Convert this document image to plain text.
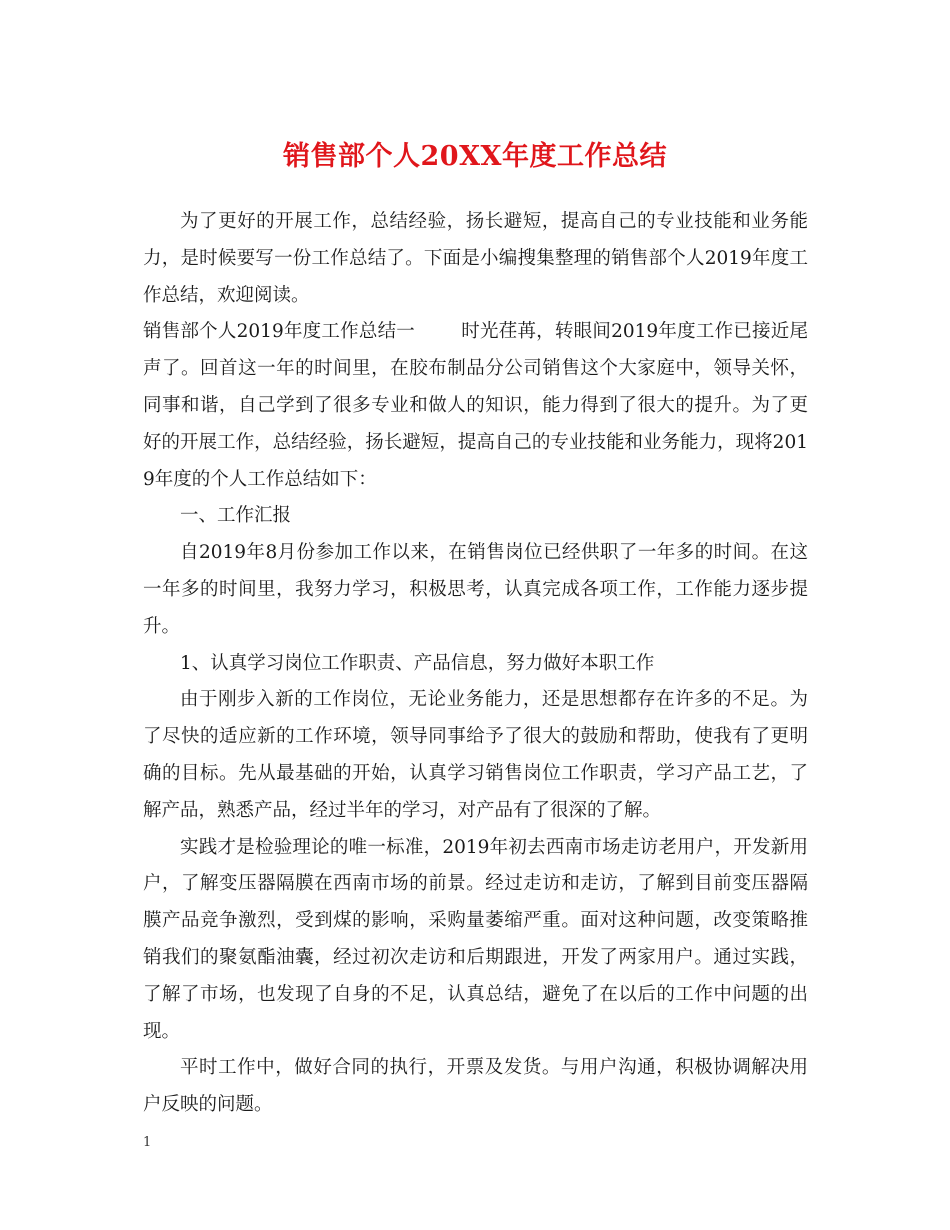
销售部个人20XX年度工作总结

为了更好的开展工作，总结经验，扬长避短，提高自己的专业技能和业务能力，是时候要写一份工作总结了。下面是小编搜集整理的销售部个人2019年度工作总结，欢迎阅读。

销售部个人2019年度工作总结一 时光荏苒，转眼间2019年度工作已接近尾声了。回首这一年的时间里，在胶布制品分公司销售这个大家庭中，领导关怀，同事和谐，自己学到了很多专业和做人的知识，能力得到了很大的提升。为了更好的开展工作，总结经验，扬长避短，提高自己的专业技能和业务能力，现将2019年度的个人工作总结如下：

一、工作汇报

自2019年8月份参加工作以来，在销售岗位已经供职了一年多的时间。在这一年多的时间里，我努力学习，积极思考，认真完成各项工作，工作能力逐步提升。

1、认真学习岗位工作职责、产品信息，努力做好本职工作

由于刚步入新的工作岗位，无论业务能力，还是思想都存在许多的不足。为了尽快的适应新的工作环境，领导同事给予了很大的鼓励和帮助，使我有了更明确的目标。先从最基础的开始，认真学习销售岗位工作职责，学习产品工艺，了解产品，熟悉产品，经过半年的学习，对产品有了很深的了解。

实践才是检验理论的唯一标准，2019年初去西南市场走访老用户，开发新用户，了解变压器隔膜在西南市场的前景。经过走访和走访，了解到目前变压器隔膜产品竞争激烈，受到煤的影响，采购量萎缩严重。面对这种问题，改变策略推销我们的聚氨酯油囊，经过初次走访和后期跟进，开发了两家用户。通过实践，了解了市场，也发现了自身的不足，认真总结，避免了在以后的工作中问题的出现。

平时工作中，做好合同的执行，开票及发货。与用户沟通，积极协调解决用户反映的问题。

1
